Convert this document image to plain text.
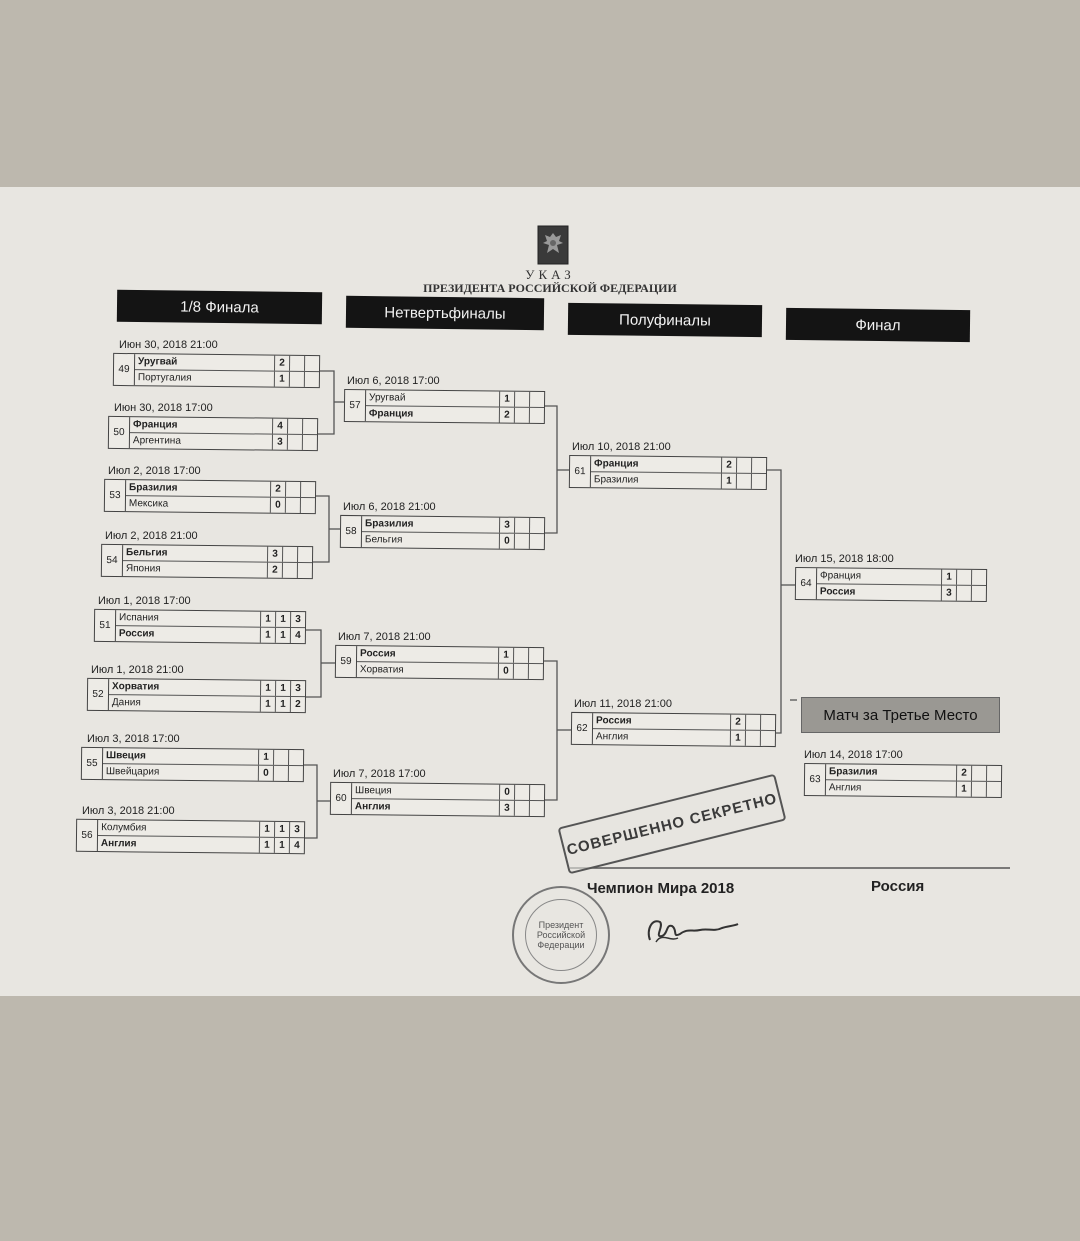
УКАЗ
ПРЕЗИДЕНТА РОССИЙСКОЙ ФЕДЕРАЦИИ
1/8 Финала	Нетвертьфиналы	Полуфиналы	Финал
Июн 30, 2018 21:00
49
Уругвай	2
Португалия	1
Июн 30, 2018 17:00
50
Франция	4
Аргентина	3
Июл 2, 2018 17:00
53
Бразилия	2
Мексика	0
Июл 2, 2018 21:00
54
Бельгия	3
Япония	2
Июл 1, 2018 17:00
51
Испания	1 1 3
Россия	1 1 4
Июл 1, 2018 21:00
52
Хорватия	1 1 3
Дания	1 1 2
Июл 3, 2018 17:00
55
Швеция	1
Швейцария	0
Июл 3, 2018 21:00
56
Колумбия	1 1 3
Англия	1 1 4
Июл 6, 2018 17:00
57
Уругвай	1
Франция	2
Июл 6, 2018 21:00
58
Бразилия	3
Бельгия	0
Июл 7, 2018 21:00
59
Россия	1
Хорватия	0
Июл 7, 2018 17:00
60
Швеция	0
Англия	3
Июл 10, 2018 21:00
61
Франция	2
Бразилия	1
Июл 11, 2018 21:00
62
Россия	2
Англия	1
Июл 15, 2018 18:00
64
Франция	1
Россия	3
Июл 14, 2018 17:00
63
Бразилия	2
Англия	1
Матч за Третье Место
СОВЕРШЕННО СЕКРЕТНО
Чемпион Мира 2018	Россия
Президент
Российской Федерации
